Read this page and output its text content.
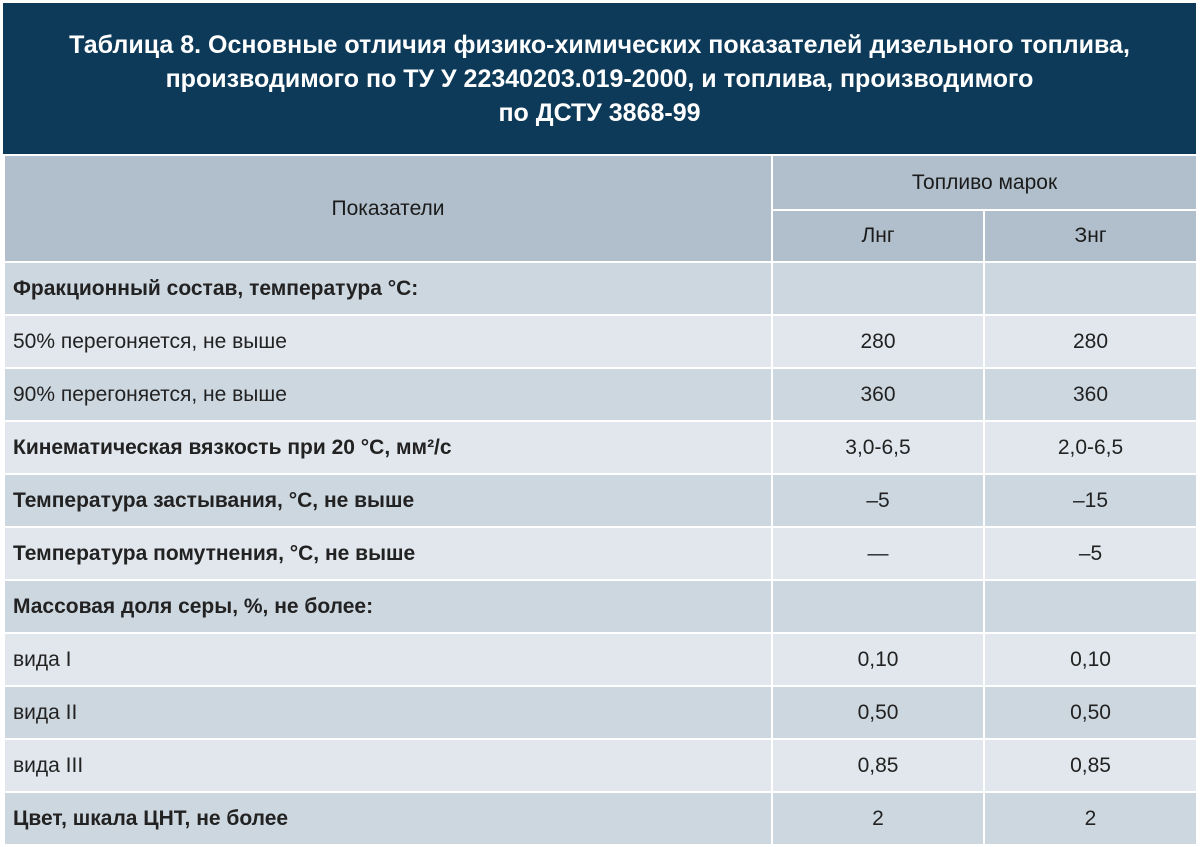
Таблица 8. Основные отличия физико-химических показателей дизельного топлива,
производимого по ТУ У 22340203.019-2000, и топлива, производимого
по ДСТУ 3868-99
Показатели	Топливо марок	
	Лнг	Знг
Фракционный состав, температура °С:		
50% перегоняется, не выше	280	280
90% перегоняется, не выше	360	360
Кинематическая вязкость при 20 °С, мм²/с	3,0-6,5	2,0-6,5
Температура застывания, °С, не выше	–5	–15
Температура помутнения, °С, не выше	—	–5
Массовая доля серы, %, не более:		
вида I	0,10	0,10
вида II	0,50	0,50
вида III	0,85	0,85
Цвет, шкала ЦНТ, не более	2	2
